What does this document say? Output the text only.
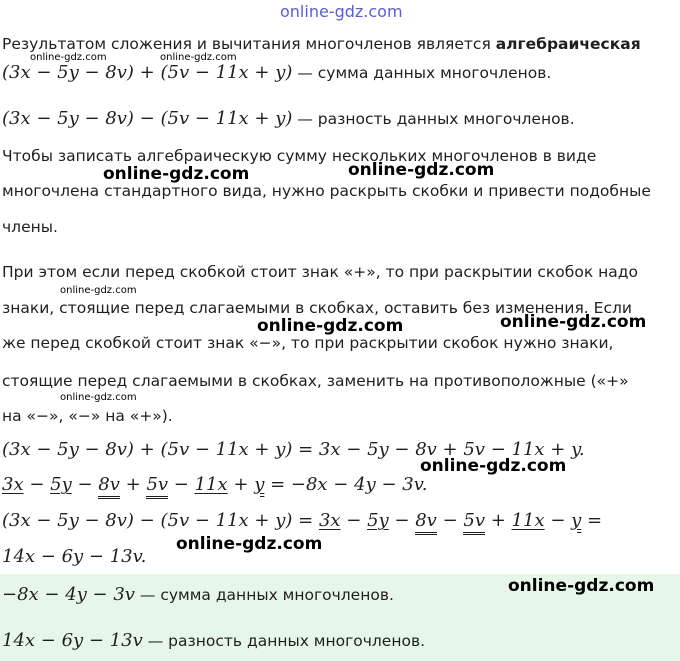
online-gdz.com
Результатом сложения и вычитания многочленов является алгебраическая
online-gdz.com	online-gdz.com
(3x − 5y − 8v) + (5v − 11x + y) — сумма данных многочленов.
(3x − 5y − 8v) − (5v − 11x + y) — разность данных многочленов.
Чтобы записать алгебраическую сумму нескольких многочленов в виде
online-gdz.com	online-gdz.com
многочлена стандартного вида, нужно раскрыть скобки и привести подобные
члены.
При этом если перед скобкой стоит знак «+», то при раскрытии скобок надо
online-gdz.com
знаки, стоящие перед слагаемыми в скобках, оставить без изменения. Если
online-gdz.com	online-gdz.com
же перед скобкой стоит знак «−», то при раскрытии скобок нужно знаки,
стоящие перед слагаемыми в скобках, заменить на противоположные («+»
online-gdz.com
на «−», «−» на «+»).
(3x − 5y − 8v) + (5v − 11x + y) = 3x − 5y − 8v + 5v − 11x + y.
online-gdz.com
3x − 5y − 8v + 5v − 11x + y = −8x − 4y − 3v.
(3x − 5y − 8v) − (5v − 11x + y) = 3x − 5y − 8v − 5v + 11x − y =
online-gdz.com
14x − 6y − 13v.
online-gdz.com
−8x − 4y − 3v — сумма данных многочленов.
14x − 6y − 13v — разность данных многочленов.
